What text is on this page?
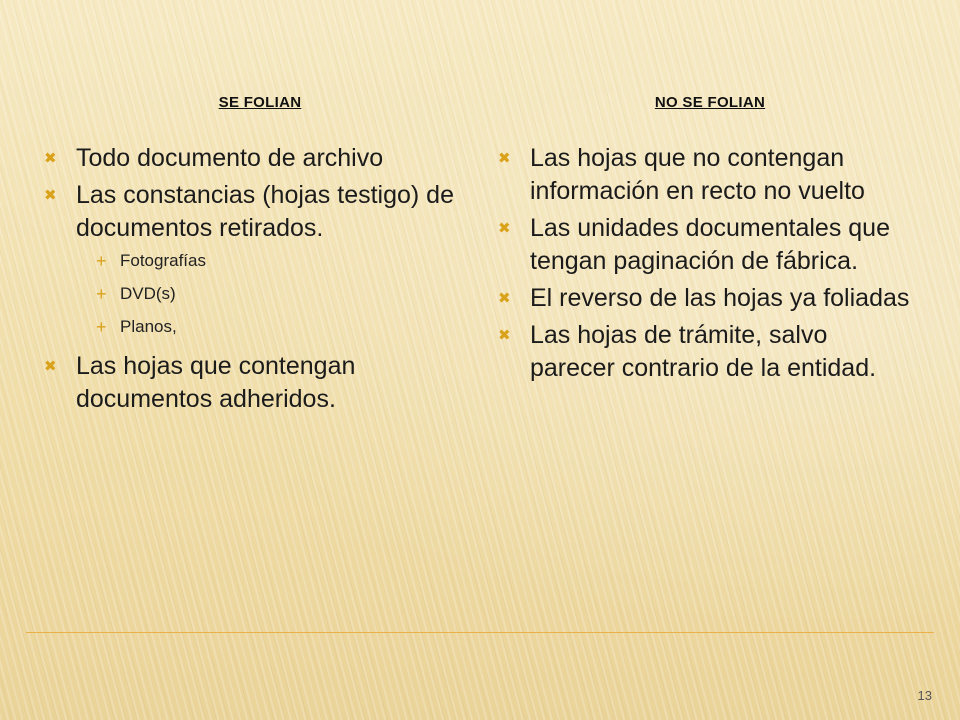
SE FOLIAN	NO SE FOLIAN
✖ Todo documento de archivo
✖ Las constancias (hojas testigo) de documentos retirados.
+ Fotografías
+ DVD(s)
+ Planos,
✖ Las hojas que contengan documentos adheridos.
✖ Las hojas que no contengan información en recto no vuelto
✖ Las unidades documentales que tengan paginación de fábrica.
✖ El reverso de las hojas ya foliadas
✖ Las hojas de trámite, salvo parecer contrario de la entidad.
13
